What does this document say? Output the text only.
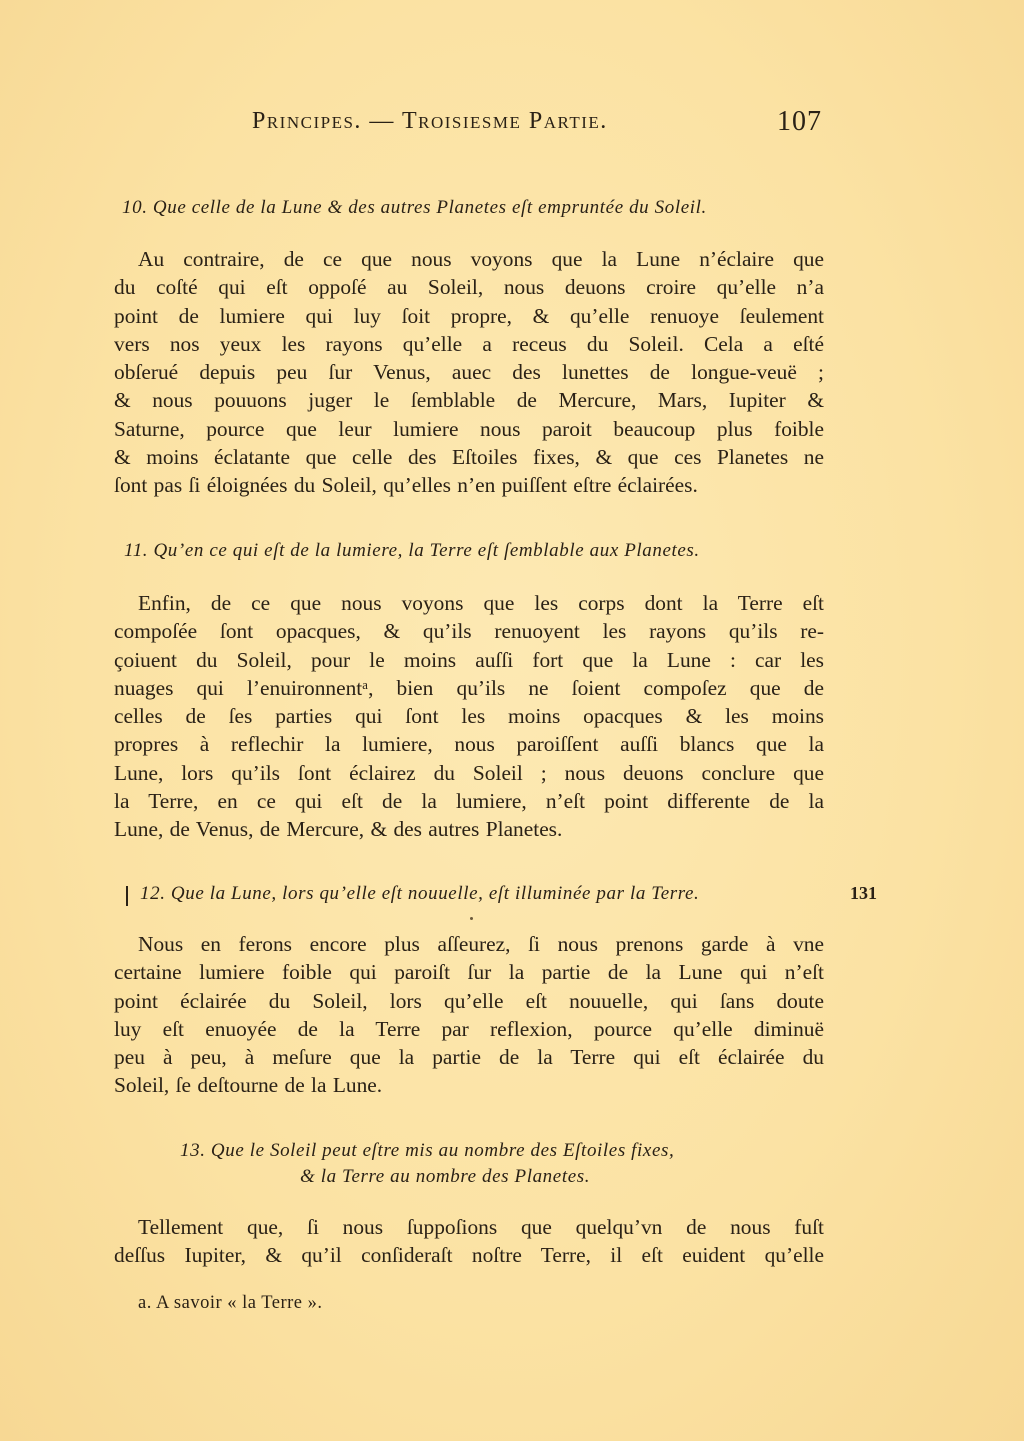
Principes. — Troisiesme Partie.	107
10. Que celle de la Lune & des autres Planetes eſt empruntée du Soleil.
Au contraire, de ce que nous voyons que la Lune n’éclaire que
du coſté qui eſt oppoſé au Soleil, nous deuons croire qu’elle n’a
point de lumiere qui luy ſoit propre, & qu’elle renuoye ſeulement
vers nos yeux les rayons qu’elle a receus du Soleil. Cela a eſté
obſerué depuis peu ſur Venus, auec des lunettes de longue-veuë ;
& nous pouuons juger le ſemblable de Mercure, Mars, Iupiter &
Saturne, pource que leur lumiere nous paroit beaucoup plus foible
& moins éclatante que celle des Eſtoiles fixes, & que ces Planetes ne
ſont pas ſi éloignées du Soleil, qu’elles n’en puiſſent eſtre éclairées.
11. Qu’en ce qui eſt de la lumiere, la Terre eſt ſemblable aux Planetes.
Enfin, de ce que nous voyons que les corps dont la Terre eſt
compoſée ſont opacques, & qu’ils renuoyent les rayons qu’ils re-
çoiuent du Soleil, pour le moins auſſi fort que la Lune : car les
nuages qui l’enuironnentᵃ, bien qu’ils ne ſoient compoſez que de
celles de ſes parties qui ſont les moins opacques & les moins
propres à reflechir la lumiere, nous paroiſſent auſſi blancs que la
Lune, lors qu’ils ſont éclairez du Soleil ; nous deuons conclure que
la Terre, en ce qui eſt de la lumiere, n’eſt point differente de la
Lune, de Venus, de Mercure, & des autres Planetes.
12. Que la Lune, lors qu’elle eſt nouuelle, eſt illuminée par la Terre.	131
Nous en ferons encore plus aſſeurez, ſi nous prenons garde à vne
certaine lumiere foible qui paroiſt ſur la partie de la Lune qui n’eſt
point éclairée du Soleil, lors qu’elle eſt nouuelle, qui ſans doute
luy eſt enuoyée de la Terre par reflexion, pource qu’elle diminuë
peu à peu, à meſure que la partie de la Terre qui eſt éclairée du
Soleil, ſe deſtourne de la Lune.
13. Que le Soleil peut eſtre mis au nombre des Eſtoiles fixes,
& la Terre au nombre des Planetes.
Tellement que, ſi nous ſuppoſions que quelqu’vn de nous fuſt
deſſus Iupiter, & qu’il conſideraſt noſtre Terre, il eſt euident qu’elle
a. A savoir « la Terre ».
